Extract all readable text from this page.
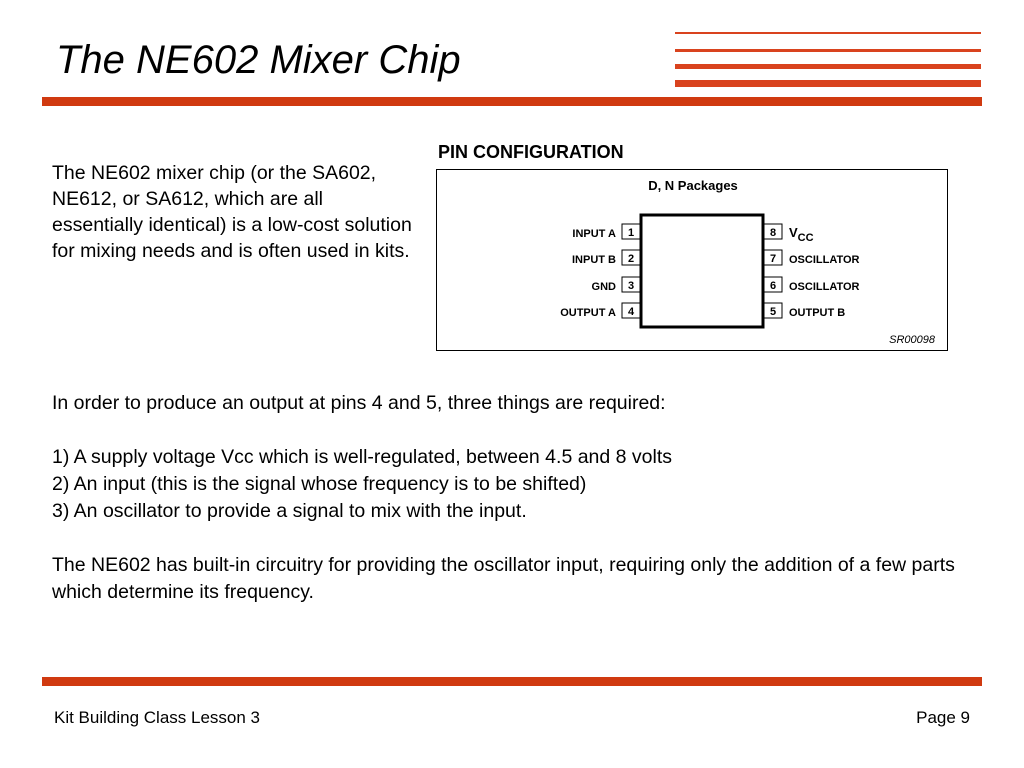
The NE602 Mixer Chip
The NE602 mixer chip (or the SA602, NE612, or SA612, which are all essentially identical) is a low-cost solution for mixing needs and is often used in kits.
PIN CONFIGURATION
D, N Packages
1
INPUT A
2
INPUT B
3
GND
4
OUTPUT A
8 $V_{CC}$
7 OSCILLATOR
6 OSCILLATOR
5 OUTPUT B
SR00098

In order to produce an output at pins 4 and 5, three things are required:

1) A supply voltage Vcc which is well-regulated, between 4.5 and 8 volts

2) An input (this is the signal whose frequency is to be shifted)

3) An oscillator to provide a signal to mix with the input.

The NE602 has built-in circuitry for providing the oscillator input, requiring only the addition of a few parts which determine its frequency.

Kit Building Class Lesson 3	Page 9
